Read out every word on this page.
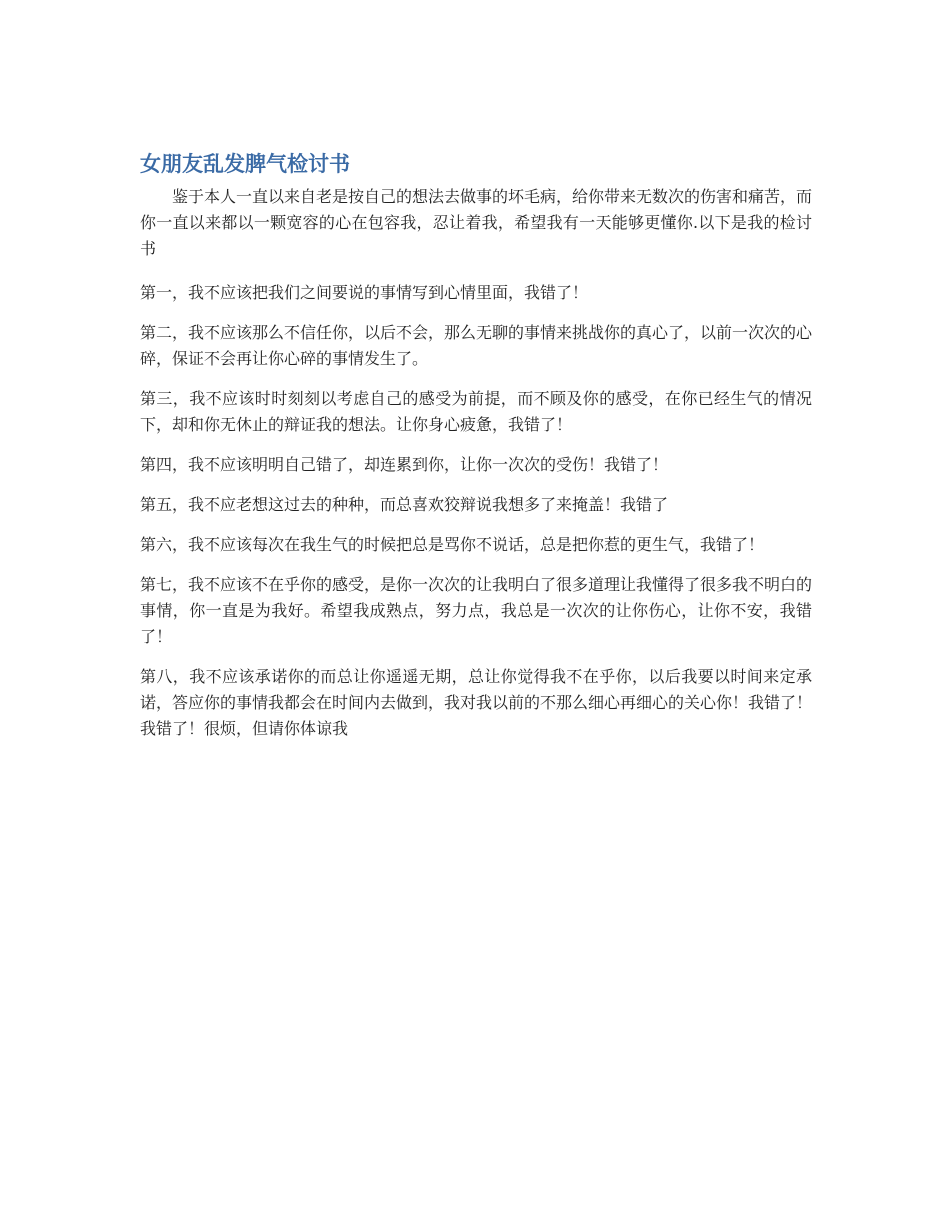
女朋友乱发脾气检讨书

鉴于本人一直以来自老是按自己的想法去做事的坏毛病，给你带来无数次的伤害和痛苦，而你一直以来都以一颗宽容的心在包容我，忍让着我，希望我有一天能够更懂你.以下是我的检讨书

第一，我不应该把我们之间要说的事情写到心情里面，我错了！

第二，我不应该那么不信任你，以后不会，那么无聊的事情来挑战你的真心了，以前一次次的心碎，保证不会再让你心碎的事情发生了。

第三，我不应该时时刻刻以考虑自己的感受为前提，而不顾及你的感受，在你已经生气的情况下，却和你无休止的辩证我的想法。让你身心疲惫，我错了！

第四，我不应该明明自己错了，却连累到你，让你一次次的受伤！我错了！

第五，我不应老想这过去的种种，而总喜欢狡辩说我想多了来掩盖！我错了

第六，我不应该每次在我生气的时候把总是骂你不说话，总是把你惹的更生气，我错了！

第七，我不应该不在乎你的感受，是你一次次的让我明白了很多道理让我懂得了很多我不明白的事情，你一直是为我好。希望我成熟点，努力点，我总是一次次的让你伤心，让你不安，我错了！

第八，我不应该承诺你的而总让你遥遥无期，总让你觉得我不在乎你，以后我要以时间来定承诺，答应你的事情我都会在时间内去做到，我对我以前的不那么细心再细心的关心你！我错了！我错了！很烦，但请你体谅我
